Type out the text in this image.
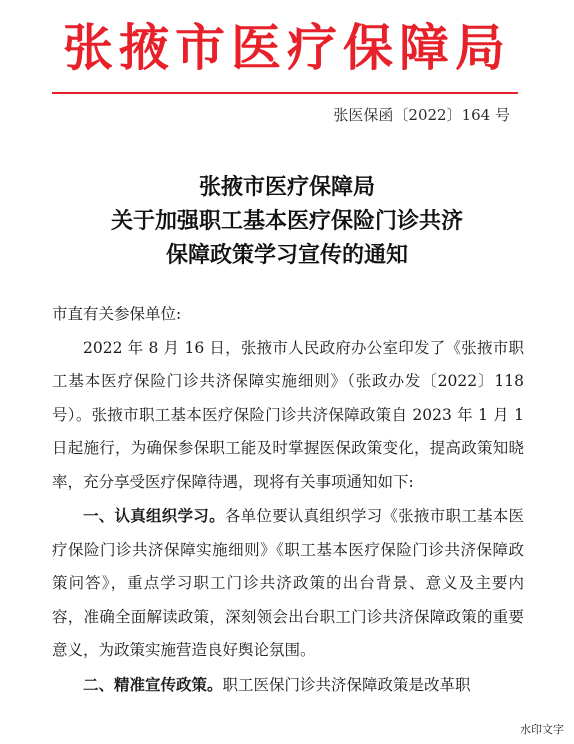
张掖市医疗保障局
张医保函〔2022〕164 号
张掖市医疗保障局
关于加强职工基本医疗保险门诊共济
保障政策学习宣传的通知

市直有关参保单位:

2022 年 8 月 16 日，张掖市人民政府办公室印发了《张掖市职工基本医疗保险门诊共济保障实施细则》（张政办发〔2022〕118 号）。张掖市职工基本医疗保险门诊共济保障政策自 2023 年 1 月 1 日起施行，为确保参保职工能及时掌握医保政策变化，提高政策知晓率，充分享受医疗保障待遇，现将有关事项通知如下:

一、认真组织学习。各单位要认真组织学习《张掖市职工基本医疗保险门诊共济保障实施细则》《职工基本医疗保险门诊共济保障政策问答》，重点学习职工门诊共济政策的出台背景、意义及主要内容，准确全面解读政策，深刻领会出台职工门诊共济保障政策的重要意义，为政策实施营造良好舆论氛围。

二、精准宣传政策。职工医保门诊共济保障政策是改革职

水印文字
